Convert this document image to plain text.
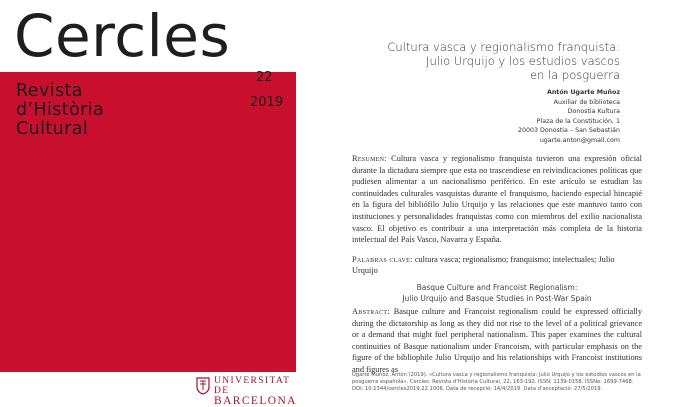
Cercles
Revista
d’Història
Cultural
22
2019
UNIVERSITAT DE
BARCELONA
Cultura vasca y regionalismo franquista:
Julio Urquijo y los estudios vascos
en la posguerra
Antón Ugarte Muñoz
Auxiliar de biblioteca
Donostia Kultura
Plaza de la Constitución, 1
20003 Donostia – San Sebastián
ugarte.anton@gmail.com

Resumen: Cultura vasca y regionalismo franquista tuvieron una expresión oficial durante la dictadura siempre que esta no trascendiese en reivindicaciones políticas que pudiesen alimentar a un nacionalismo periférico. En este artículo se estudian las continuidades culturales vasquistas durante el franquismo, haciendo especial hincapié en la figura del bibliófilo Julio Urquijo y las relaciones que este mantuvo tanto con instituciones y personalidades franquistas como con miembros del exilio nacionalista vasco. El objetivo es contribuir a una interpretación más completa de la historia intelectual del País Vasco, Navarra y España.

Palabras clave: cultura vasca; regionalismo; franquismo; intelectuales; Julio Urquijo

Basque Culture and Francoist Regionalism:
Julio Urquijo and Basque Studies in Post-War Spain

Abstract: Basque culture and Francoist regionalism could be expressed officially during the dictatorship as long as they did not rise to the level of a political grievance or a demand that might fuel peripheral nationalism. This paper examines the cultural continuities of Basque nationalism under Francoism, with particular emphasis on the figure of the bibliophile Julio Urquijo and his relationships with Francoist institutions and figures as

Ugarte Muñoz, Antón (2019). «Cultura vasca y regionalismo franquista: Julio Urquijo y los estudios vascos en la posguerra española». Cercles. Revista d’Història Cultural, 22, 163-192. ISSN: 1139-0158. ISSNe: 1699-7468. DOI: 10.1344/cercles2019.22.1006. Data de recepció: 14/4/2019. Data d’acceptació: 27/5/2019.
